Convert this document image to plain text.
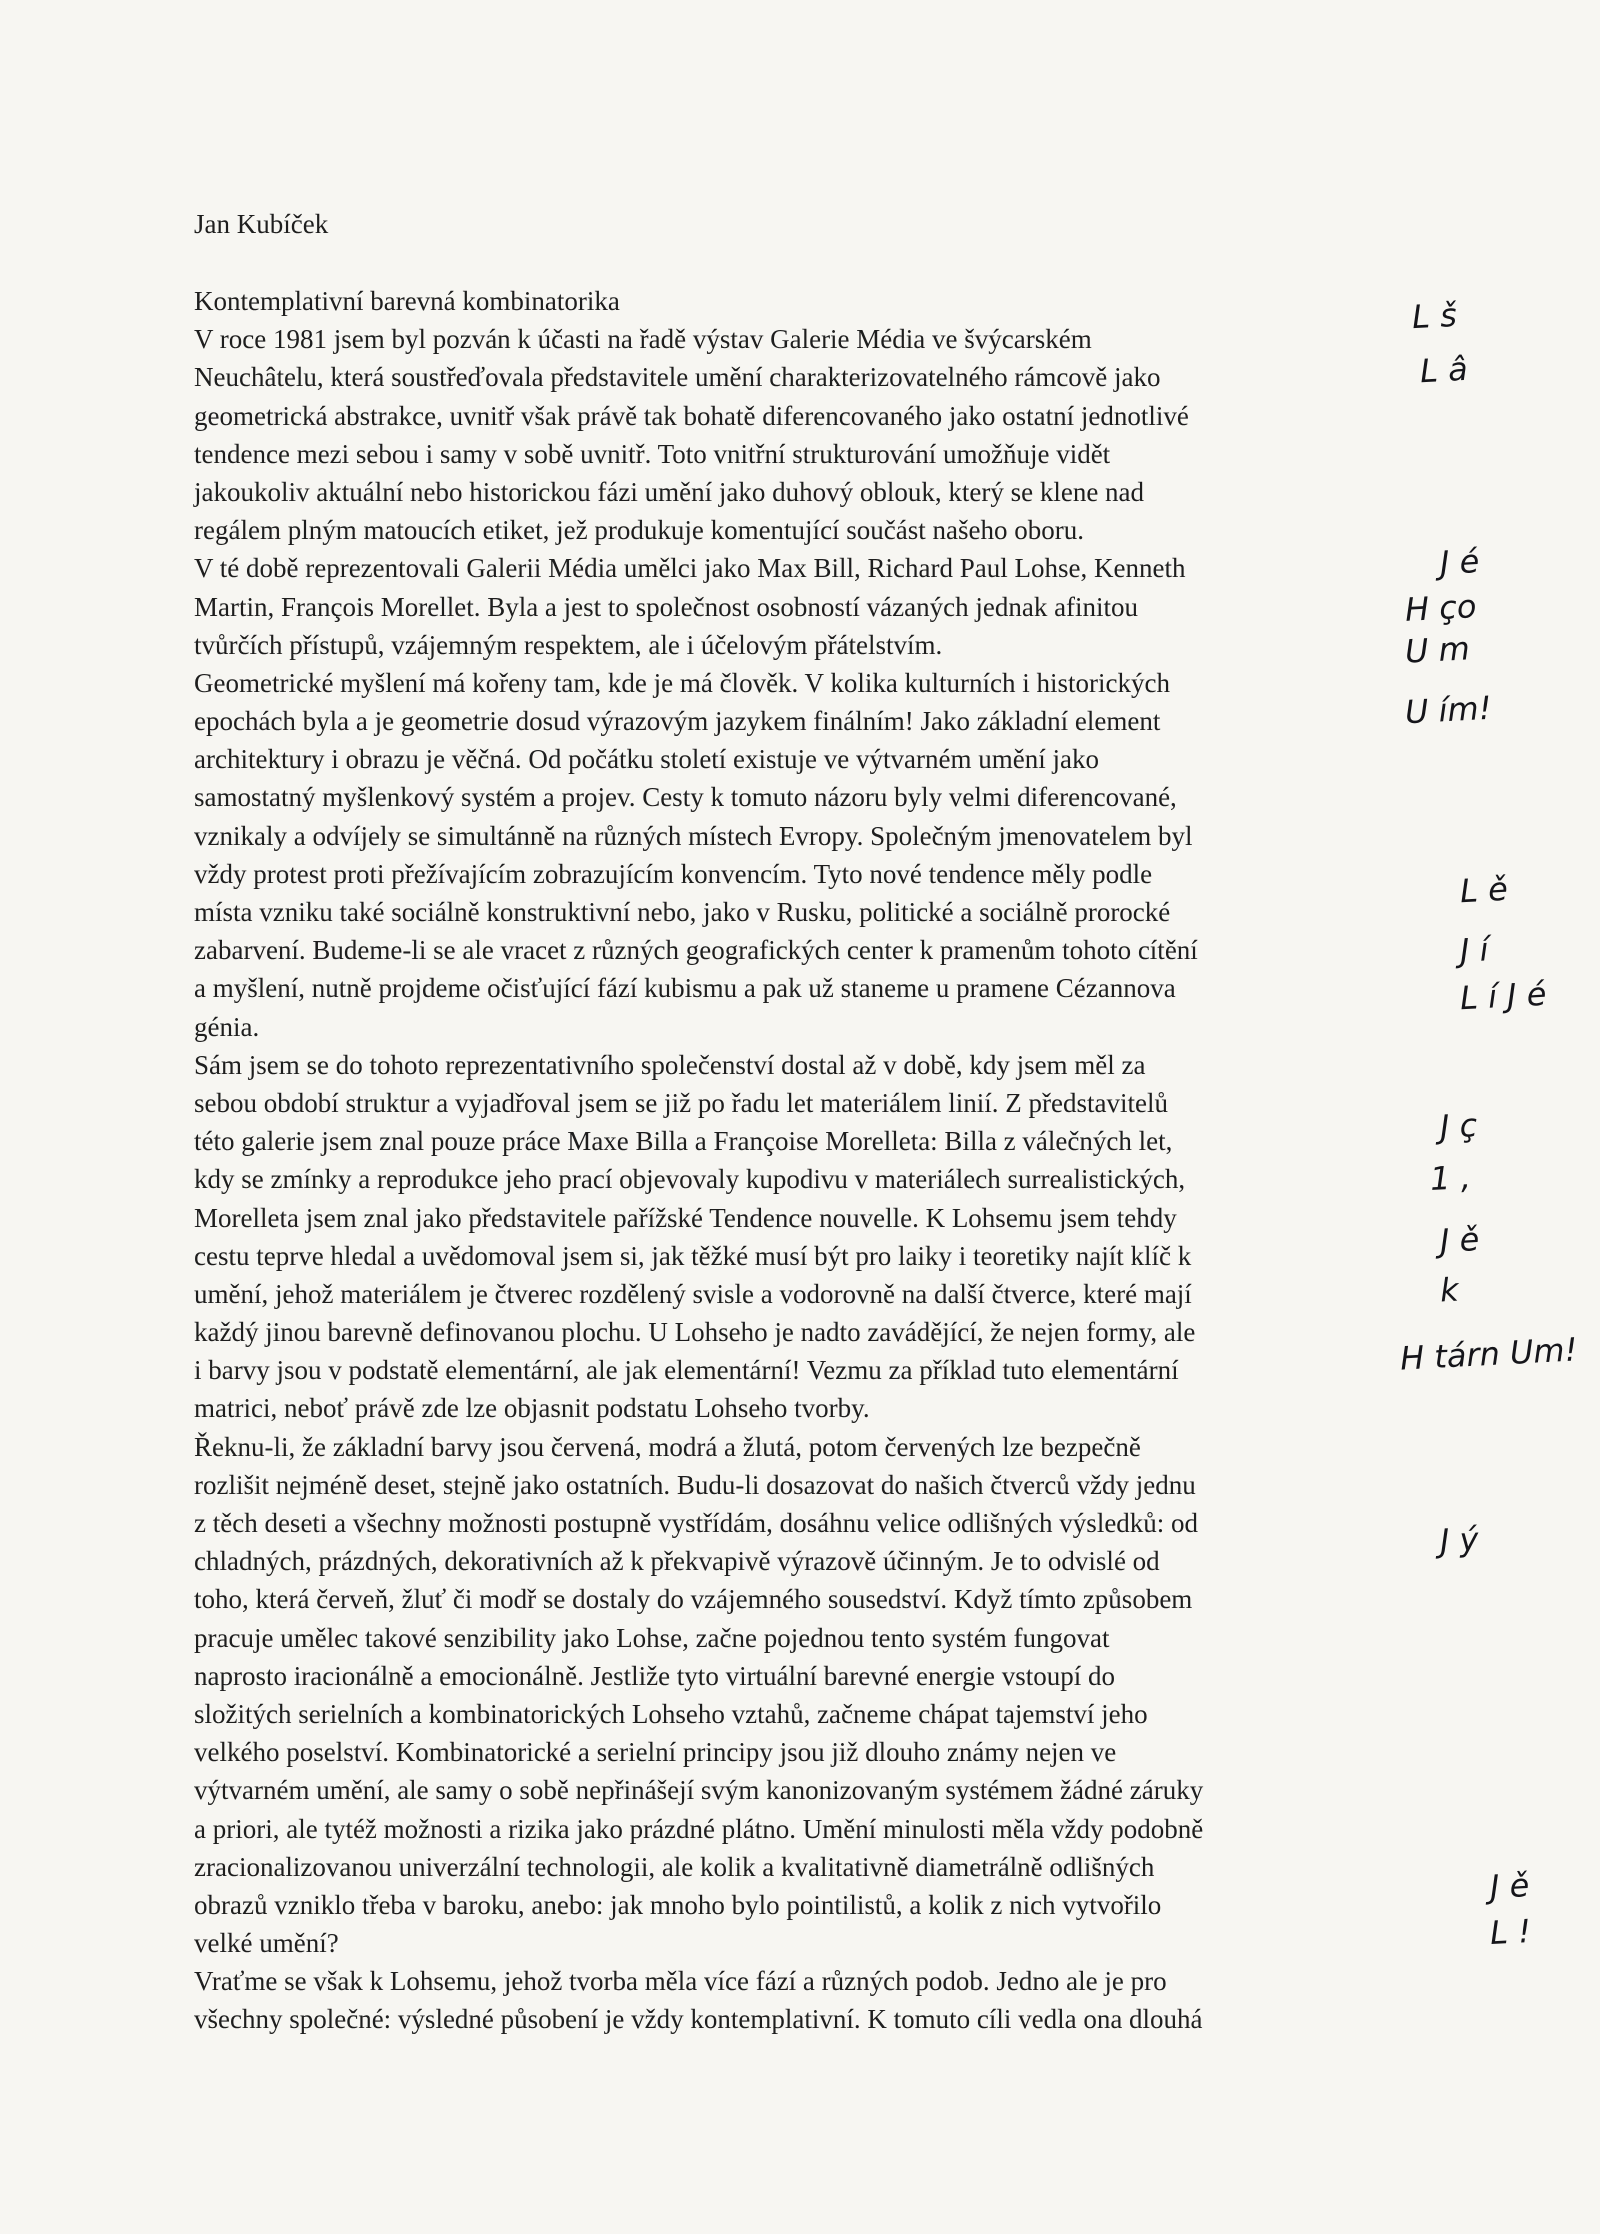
Jan Kubíček
Kontemplativní barevná kombinatorika
V roce 1981 jsem byl pozván k účasti na řadě výstav Galerie Média ve švýcarském
Neuchâtelu, která soustřeďovala představitele umění charakterizovatelného rámcově jako
geometrická abstrakce, uvnitř však právě tak bohatě diferencovaného jako ostatní jednotlivé
tendence mezi sebou i samy v sobě uvnitř. Toto vnitřní strukturování umožňuje vidět
jakoukoliv aktuální nebo historickou fázi umění jako duhový oblouk, který se klene nad
regálem plným matoucích etiket, jež produkuje komentující součást našeho oboru.
V té době reprezentovali Galerii Média umělci jako Max Bill, Richard Paul Lohse, Kenneth
Martin, François Morellet. Byla a jest to společnost osobností vázaných jednak afinitou
tvůrčích přístupů, vzájemným respektem, ale i účelovým přátelstvím.
Geometrické myšlení má kořeny tam, kde je má člověk. V kolika kulturních i historických
epochách byla a je geometrie dosud výrazovým jazykem finálním! Jako základní element
architektury i obrazu je věčná. Od počátku století existuje ve výtvarném umění jako
samostatný myšlenkový systém a projev. Cesty k tomuto názoru byly velmi diferencované,
vznikaly a odvíjely se simultánně na různých místech Evropy. Společným jmenovatelem byl
vždy protest proti přežívajícím zobrazujícím konvencím. Tyto nové tendence měly podle
místa vzniku také sociálně konstruktivní nebo, jako v Rusku, politické a sociálně prorocké
zabarvení. Budeme-li se ale vracet z různých geografických center k pramenům tohoto cítění
a myšlení, nutně projdeme očisťující fází kubismu a pak už staneme u pramene Cézannova
génia.
Sám jsem se do tohoto reprezentativního společenství dostal až v době, kdy jsem měl za
sebou období struktur a vyjadřoval jsem se již po řadu let materiálem linií. Z představitelů
této galerie jsem znal pouze práce Maxe Billa a Françoise Morelleta: Billa z válečných let,
kdy se zmínky a reprodukce jeho prací objevovaly kupodivu v materiálech surrealistických,
Morelleta jsem znal jako představitele pařížské Tendence nouvelle. K Lohsemu jsem tehdy
cestu teprve hledal a uvědomoval jsem si, jak těžké musí být pro laiky i teoretiky najít klíč k
umění, jehož materiálem je čtverec rozdělený svisle a vodorovně na další čtverce, které mají
každý jinou barevně definovanou plochu. U Lohseho je nadto zavádějící, že nejen formy, ale
i barvy jsou v podstatě elementární, ale jak elementární! Vezmu za příklad tuto elementární
matrici, neboť právě zde lze objasnit podstatu Lohseho tvorby.
Řeknu-li, že základní barvy jsou červená, modrá a žlutá, potom červených lze bezpečně
rozlišit nejméně deset, stejně jako ostatních. Budu-li dosazovat do našich čtverců vždy jednu
z těch deseti a všechny možnosti postupně vystřídám, dosáhnu velice odlišných výsledků: od
chladných, prázdných, dekorativních až k překvapivě výrazově účinným. Je to odvislé od
toho, která červeň, žluť či modř se dostaly do vzájemného sousedství. Když tímto způsobem
pracuje umělec takové senzibility jako Lohse, začne pojednou tento systém fungovat
naprosto iracionálně a emocionálně. Jestliže tyto virtuální barevné energie vstoupí do
složitých serielních a kombinatorických Lohseho vztahů, začneme chápat tajemství jeho
velkého poselství. Kombinatorické a serielní principy jsou již dlouho známy nejen ve
výtvarném umění, ale samy o sobě nepřinášejí svým kanonizovaným systémem žádné záruky
a priori, ale tytéž možnosti a rizika jako prázdné plátno. Umění minulosti měla vždy podobně
zracionalizovanou univerzální technologii, ale kolik a kvalitativně diametrálně odlišných
obrazů vzniklo třeba v baroku, anebo: jak mnoho bylo pointilistů, a kolik z nich vytvořilo
velké umění?
Vraťme se však k Lohsemu, jehož tvorba měla více fází a různých podob. Jedno ale je pro
všechny společné: výsledné působení je vždy kontemplativní. K tomuto cíli vedla ona dlouhá
L š
L â
J é
H ço
U m
U ím!
L ě
J í
L í J é
J ç
1 ,
J ě
k
H tárn Um!
J ý
J ě
L !
